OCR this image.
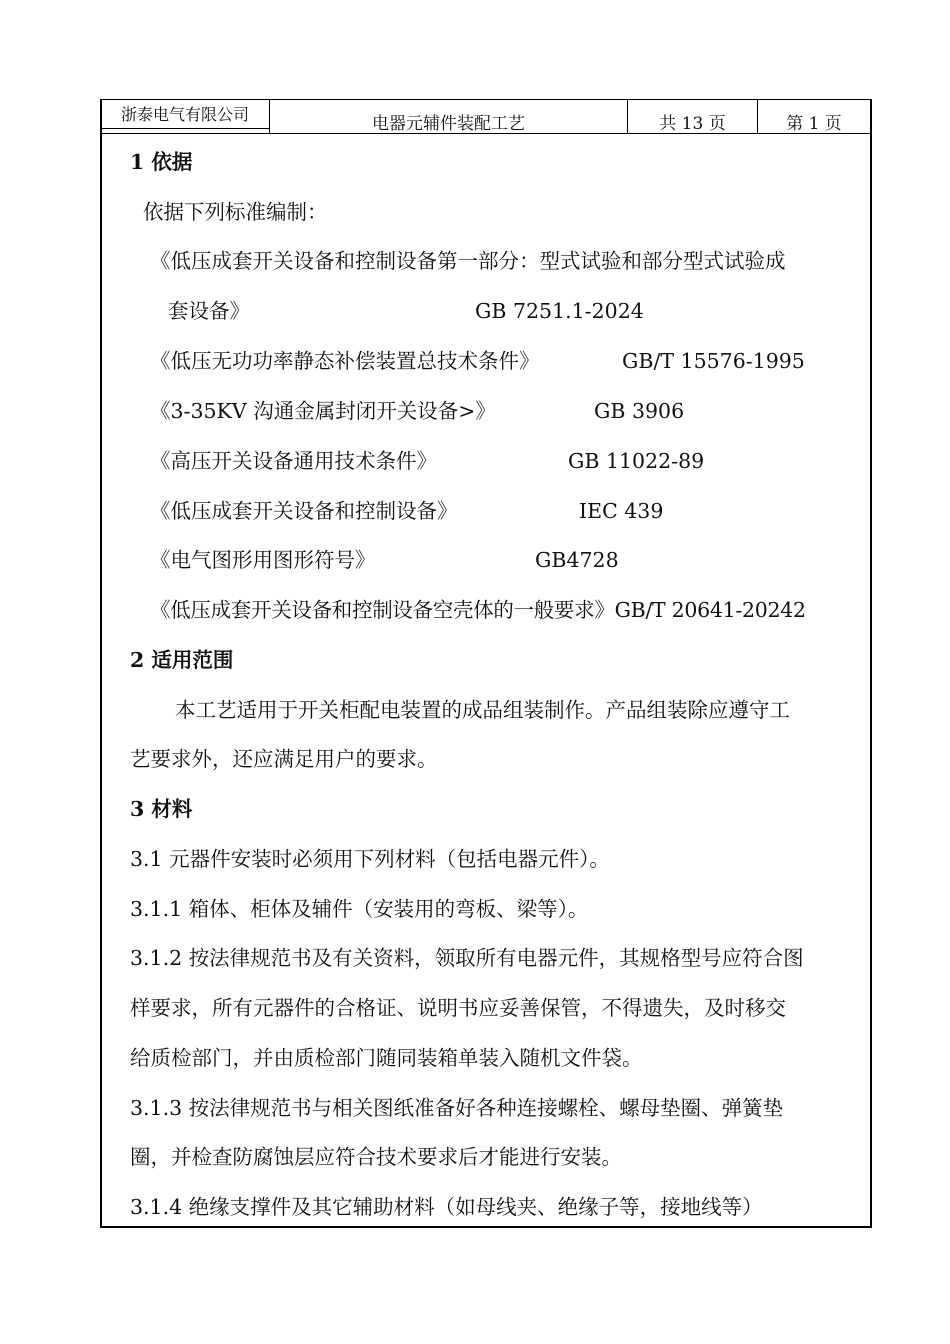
浙泰电气有限公司	电器元辅件装配工艺	共 13 页	第 1 页
1 依据
依据下列标准编制：
《低压成套开关设备和控制设备第一部分：型式试验和部分型式试验成
套设备》	GB 7251.1-2024
《低压无功功率静态补偿装置总技术条件》	GB/T 15576-1995
《3-35KV 沟通金属封闭开关设备>》	GB 3906
《高压开关设备通用技术条件》	GB 11022-89
《低压成套开关设备和控制设备》	IEC 439
《电气图形用图形符号》	GB4728
《低压成套开关设备和控制设备空壳体的一般要求》GB/T 20641-20242
2 适用范围
本工艺适用于开关柜配电装置的成品组装制作。产品组装除应遵守工
艺要求外，还应满足用户的要求。
3 材料
3.1 元器件安装时必须用下列材料（包括电器元件）。
3.1.1 箱体、柜体及辅件（安装用的弯板、梁等）。
3.1.2 按法律规范书及有关资料，领取所有电器元件，其规格型号应符合图
样要求，所有元器件的合格证、说明书应妥善保管，不得遗失，及时移交
给质检部门，并由质检部门随同装箱单装入随机文件袋。
3.1.3 按法律规范书与相关图纸准备好各种连接螺栓、螺母垫圈、弹簧垫
圈，并检查防腐蚀层应符合技术要求后才能进行安装。
3.1.4 绝缘支撑件及其它辅助材料（如母线夹、绝缘子等，接地线等）
